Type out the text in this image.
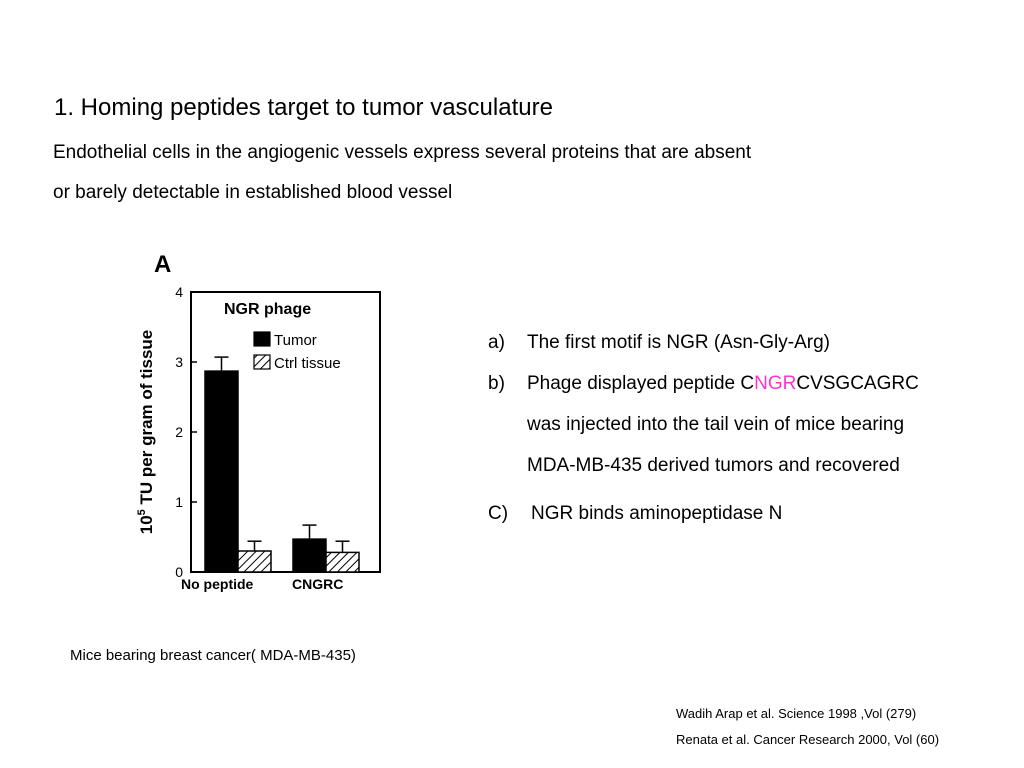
1. Homing peptides target to tumor vasculature
Endothelial cells in the angiogenic vessels express several proteins that are absent
or barely detectable in established blood vessel
A
NGR phage
$10^5$ TU per gram of tissue
0
1
2
3
4
Tumor
Ctrl tissue
No peptide	CNGRC
a) The first motif is NGR (Asn-Gly-Arg)
b) Phage displayed peptide CNGRCVSGCAGRC
was injected into the tail vein of mice bearing
MDA-MB-435 derived tumors and recovered
C) NGR binds aminopeptidase N
Mice bearing breast cancer( MDA-MB-435)
Wadih Arap et al. Science 1998 ,Vol (279)
Renata et al. Cancer Research 2000, Vol (60)
